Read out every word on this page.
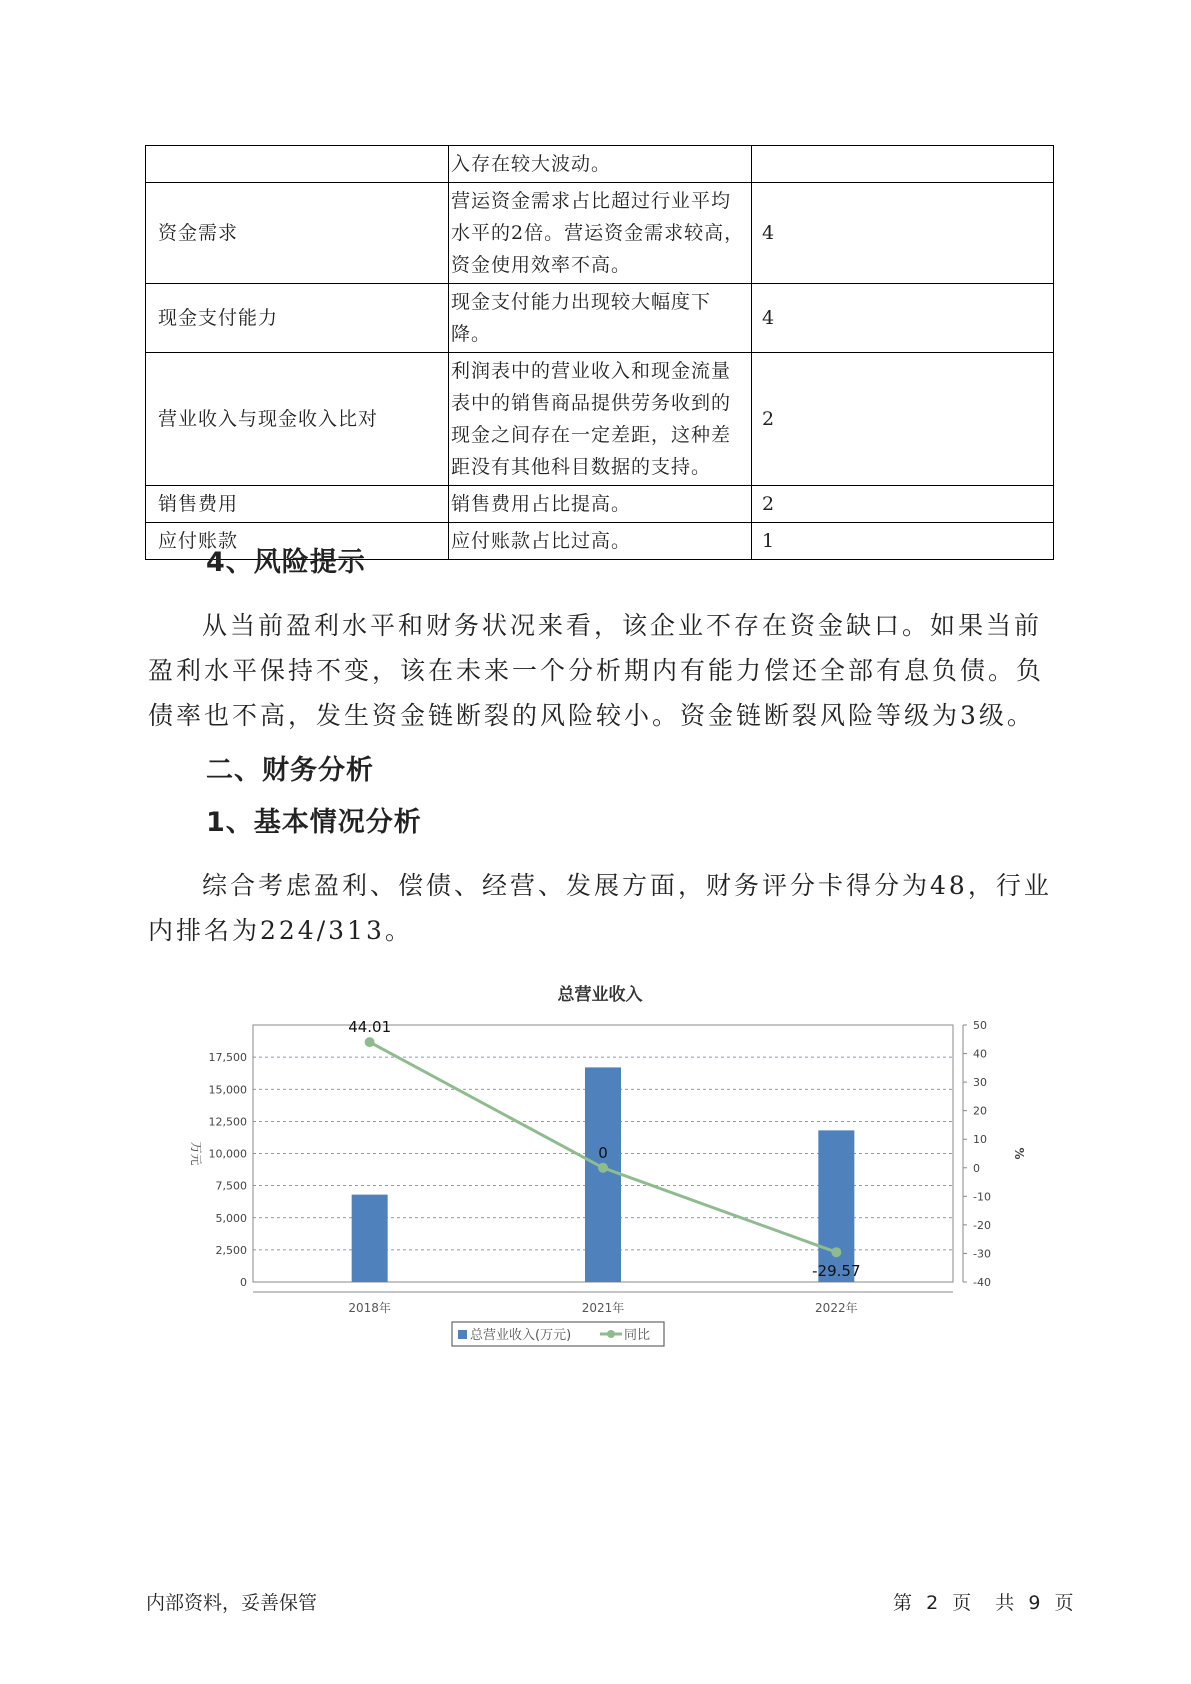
	入存在较大波动。	
资金需求	营运资金需求占比超过行业平均水平的2倍。营运资金需求较高，资金使用效率不高。	4
现金支付能力	现金支付能力出现较大幅度下降。	4
营业收入与现金收入比对	利润表中的营业收入和现金流量表中的销售商品提供劳务收到的现金之间存在一定差距，这种差距没有其他科目数据的支持。	2
销售费用	销售费用占比提高。	2
应付账款	应付账款占比过高。	1
4、风险提示

从当前盈利水平和财务状况来看，该企业不存在资金缺口。如果当前盈利水平保持不变，该在未来一个分析期内有能力偿还全部有息负债。负债率也不高，发生资金链断裂的风险较小。资金链断裂风险等级为3级。

二、财务分析
1、基本情况分析

综合考虑盈利、偿债、经营、发展方面，财务评分卡得分为48，行业内排名为224/313。

总营业收入
44.01
0
-29.57
0
2,500
5,000
7,500
10,000
12,500
15,000
17,500
-40
-30
-20
-10
0
10
20
30
40
50
万元	%
2018年	2021年	2022年
总营业收入(万元)	同比
内部资料，妥善保管	第 2 页 共 9 页
